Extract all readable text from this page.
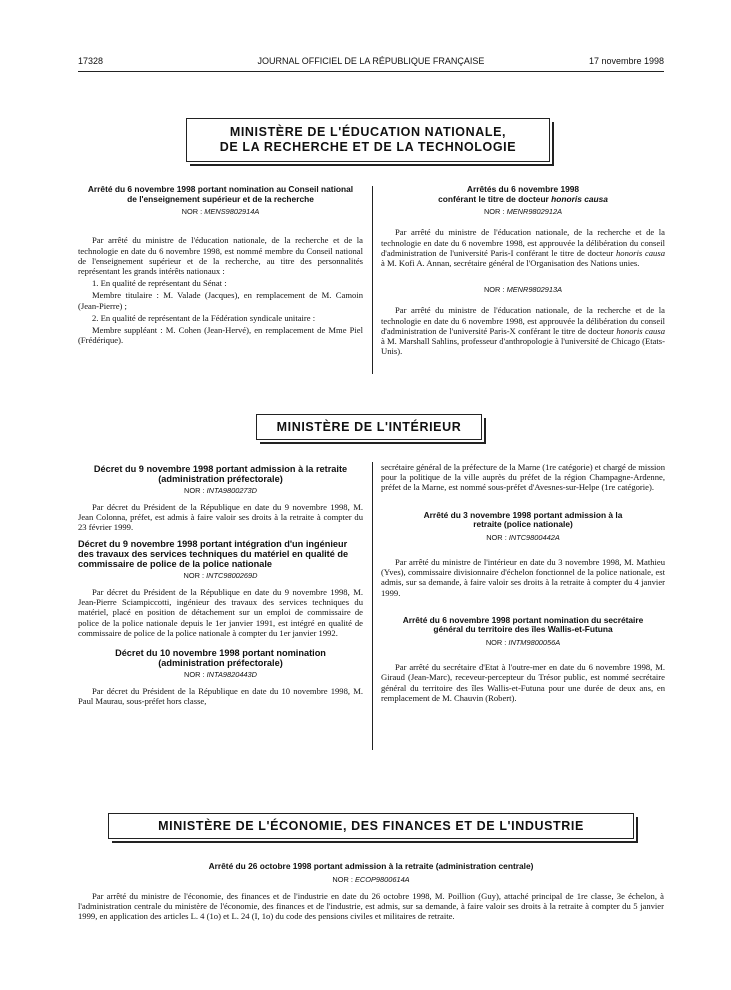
17328	JOURNAL OFFICIEL DE LA RÉPUBLIQUE FRANÇAISE	17 novembre 1998
MINISTÈRE DE L'ÉDUCATION NATIONALE,
DE LA RECHERCHE ET DE LA TECHNOLOGIE
Arrêté du 6 novembre 1998 portant nomination au Conseil national de l'enseignement supérieur et de la recherche
NOR : MENS9802914A

Par arrêté du ministre de l'éducation nationale, de la recherche et de la technologie en date du 6 novembre 1998, est nommé membre du Conseil national de l'enseignement supérieur et de la recherche, au titre des personnalités représentant les grands intérêts nationaux :

1. En qualité de représentant du Sénat :

Membre titulaire : M. Valade (Jacques), en remplacement de M. Camoin (Jean-Pierre) ;

2. En qualité de représentant de la Fédération syndicale unitaire :

Membre suppléant : M. Cohen (Jean-Hervé), en remplacement de Mme Piel (Frédérique).

Arrêtés du 6 novembre 1998
conférant le titre de docteur honoris causa
NOR : MENR9802912A

Par arrêté du ministre de l'éducation nationale, de la recherche et de la technologie en date du 6 novembre 1998, est approuvée la délibération du conseil d'administration de l'université Paris-I conférant le titre de docteur honoris causa à M. Kofi A. Annan, secrétaire général de l'Organisation des Nations unies.

NOR : MENR9802913A

Par arrêté du ministre de l'éducation nationale, de la recherche et de la technologie en date du 6 novembre 1998, est approuvée la délibération du conseil d'administration de l'université Paris-X conférant le titre de docteur honoris causa à M. Marshall Sahlins, professeur d'anthropologie à l'université de Chicago (Etats-Unis).

MINISTÈRE DE L'INTÉRIEUR
Décret du 9 novembre 1998 portant admission à la retraite (administration préfectorale)
NOR : INTA9800273D

Par décret du Président de la République en date du 9 novembre 1998, M. Jean Colonna, préfet, est admis à faire valoir ses droits à la retraite à compter du 23 février 1999.

Décret du 9 novembre 1998 portant intégration d'un ingénieur des travaux des services techniques du matériel en qualité de commissaire de police de la police nationale
NOR : INTC9800269D

Par décret du Président de la République en date du 9 novembre 1998, M. Jean-Pierre Sciampiccotti, ingénieur des travaux des services techniques du matériel, placé en position de détachement sur un emploi de commissaire de police de la police nationale depuis le 1er janvier 1991, est intégré en qualité de commissaire de police de la police nationale à compter du 1er janvier 1992.

Décret du 10 novembre 1998 portant nomination (administration préfectorale)
NOR : INTA9820443D

Par décret du Président de la République en date du 10 novembre 1998, M. Paul Maurau, sous-préfet hors classe,

secrétaire général de la préfecture de la Marne (1re catégorie) et chargé de mission pour la politique de la ville auprès du préfet de la région Champagne-Ardenne, préfet de la Marne, est nommé sous-préfet d'Avesnes-sur-Helpe (1re catégorie).

Arrêté du 3 novembre 1998 portant admission à la retraite (police nationale)
NOR : INTC9800442A

Par arrêté du ministre de l'intérieur en date du 3 novembre 1998, M. Mathieu (Yves), commissaire divisionnaire d'échelon fonctionnel de la police nationale, est admis, sur sa demande, à faire valoir ses droits à la retraite à compter du 4 janvier 1999.

Arrêté du 6 novembre 1998 portant nomination du secrétaire général du territoire des îles Wallis-et-Futuna
NOR : INTM9800056A

Par arrêté du secrétaire d'Etat à l'outre-mer en date du 6 novembre 1998, M. Giraud (Jean-Marc), receveur-percepteur du Trésor public, est nommé secrétaire général du territoire des îles Wallis-et-Futuna pour une durée de deux ans, en remplacement de M. Chauvin (Robert).

MINISTÈRE DE L'ÉCONOMIE, DES FINANCES ET DE L'INDUSTRIE
Arrêté du 26 octobre 1998 portant admission à la retraite (administration centrale)
NOR : ECOP9800614A

Par arrêté du ministre de l'économie, des finances et de l'industrie en date du 26 octobre 1998, M. Poillion (Guy), attaché principal de 1re classe, 3e échelon, à l'administration centrale du ministère de l'économie, des finances et de l'industrie, est admis, sur sa demande, à faire valoir ses droits à la retraite à compter du 5 janvier 1999, en application des articles L. 4 (1o) et L. 24 (I, 1o) du code des pensions civiles et militaires de retraite.
